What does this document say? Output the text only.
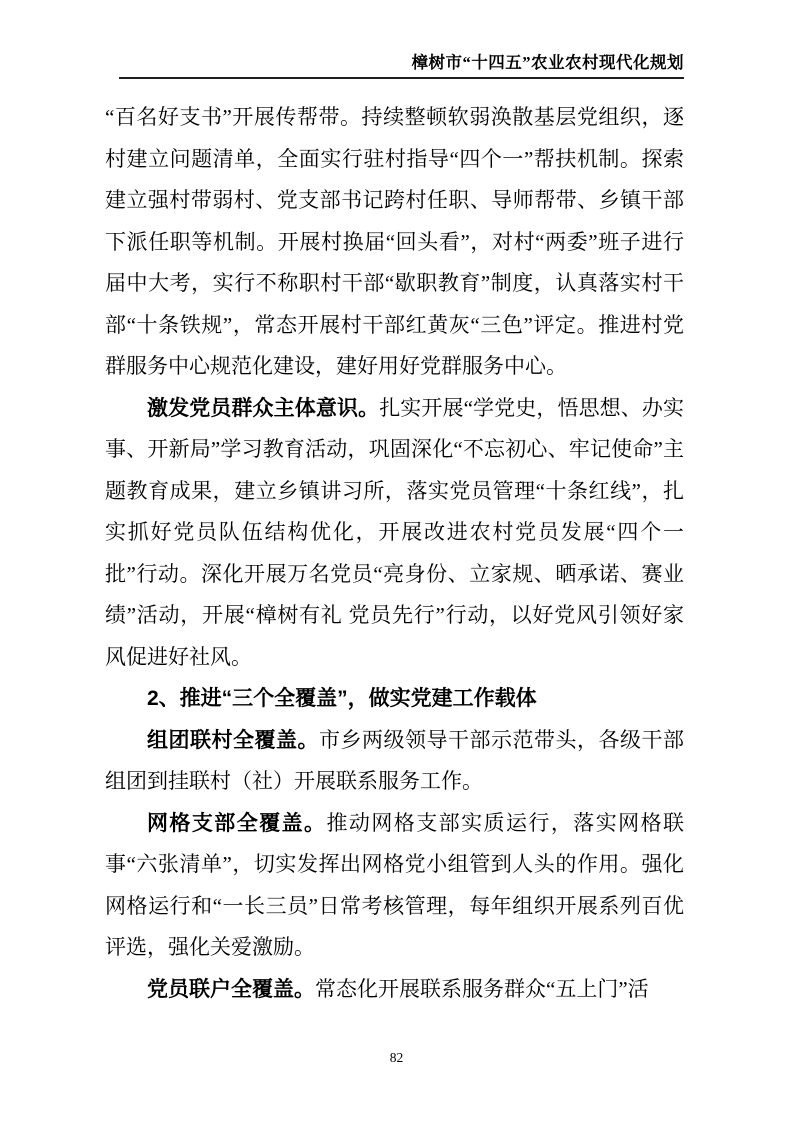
樟树市“十四五”农业农村现代化规划

“百名好支书”开展传帮带。持续整顿软弱涣散基层党组织，逐村建立问题清单，全面实行驻村指导“四个一”帮扶机制。探索建立强村带弱村、党支部书记跨村任职、导师帮带、乡镇干部下派任职等机制。开展村换届“回头看”，对村“两委”班子进行届中大考，实行不称职村干部“歇职教育”制度，认真落实村干部“十条铁规”，常态开展村干部红黄灰“三色”评定。推进村党群服务中心规范化建设，建好用好党群服务中心。

激发党员群众主体意识。扎实开展“学党史，悟思想、办实事、开新局”学习教育活动，巩固深化“不忘初心、牢记使命”主题教育成果，建立乡镇讲习所，落实党员管理“十条红线”，扎实抓好党员队伍结构优化，开展改进农村党员发展“四个一批”行动。深化开展万名党员“亮身份、立家规、晒承诺、赛业绩”活动，开展“樟树有礼 党员先行”行动，以好党风引领好家风促进好社风。

2、推进“三个全覆盖”，做实党建工作载体

组团联村全覆盖。市乡两级领导干部示范带头，各级干部组团到挂联村（社）开展联系服务工作。

网格支部全覆盖。推动网格支部实质运行，落实网格联事“六张清单”，切实发挥出网格党小组管到人头的作用。强化网格运行和“一长三员”日常考核管理，每年组织开展系列百优评选，强化关爱激励。

党员联户全覆盖。常态化开展联系服务群众“五上门”活

82
